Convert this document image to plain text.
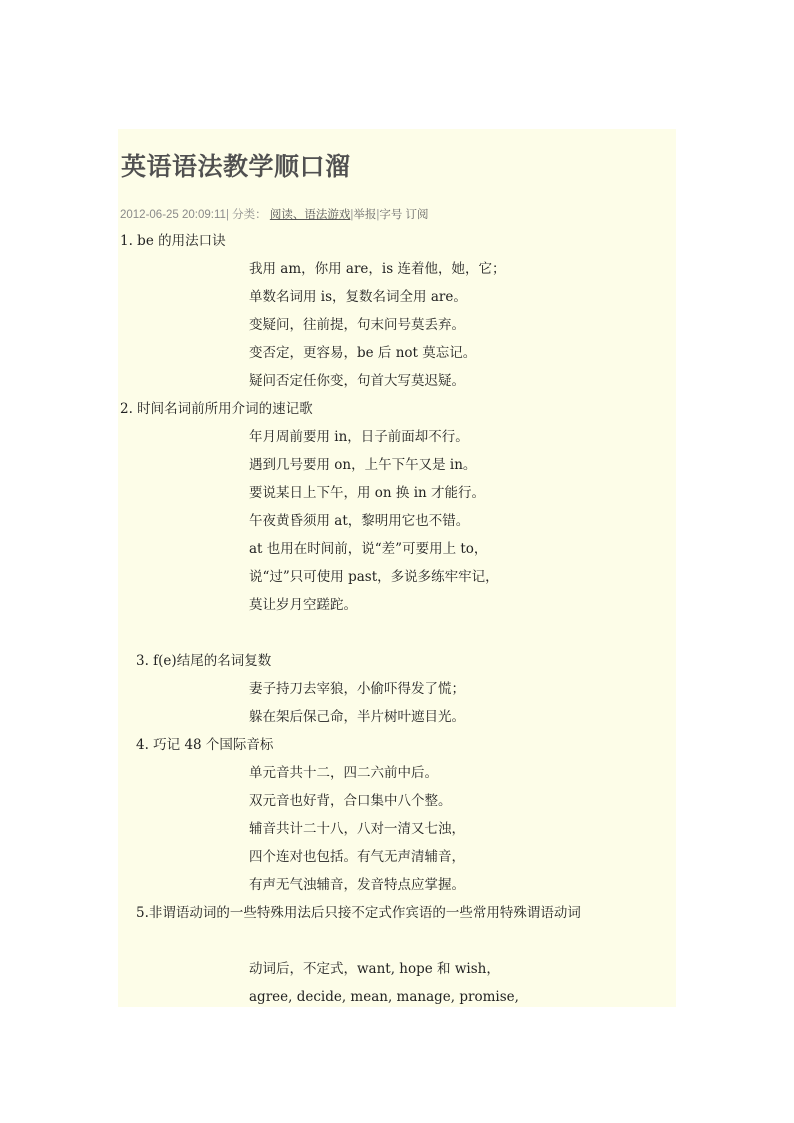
英语语法教学顺口溜
2012-06-25 20:09:11| 分类： 阅读、语法游戏|举报|字号 订阅
1. be 的用法口诀
我用 am，你用 are，is 连着他，她，它；
单数名词用 is，复数名词全用 are。
变疑问，往前提，句末问号莫丢弃。
变否定，更容易，be 后 not 莫忘记。
疑问否定任你变，句首大写莫迟疑。
2. 时间名词前所用介词的速记歌
年月周前要用 in，日子前面却不行。
遇到几号要用 on，上午下午又是 in。
要说某日上下午，用 on 换 in 才能行。
午夜黄昏须用 at，黎明用它也不错。
at 也用在时间前，说“差”可要用上 to，
说“过”只可使用 past，多说多练牢牢记，
莫让岁月空蹉跎。
3. f(e)结尾的名词复数
妻子持刀去宰狼，小偷吓得发了慌；
躲在架后保己命，半片树叶遮目光。
4. 巧记 48 个国际音标
单元音共十二，四二六前中后。
双元音也好背，合口集中八个整。
辅音共计二十八，八对一清又七浊，
四个连对也包括。有气无声清辅音，
有声无气浊辅音，发音特点应掌握。
5.非谓语动词的一些特殊用法后只接不定式作宾语的一些常用特殊谓语动词
动词后，不定式，want, hope 和 wish，
agree, decide, mean, manage, promise,
